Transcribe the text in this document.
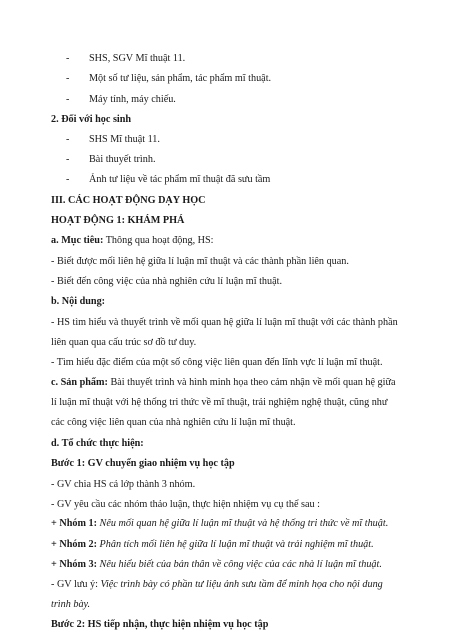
- SHS, SGV Mĩ thuật 11.
- Một số tư liệu, sản phẩm, tác phẩm mĩ thuật.
- Máy tính, máy chiếu.
2. Đối với học sinh
- SHS Mĩ thuật 11.
- Bài thuyết trình.
- Ảnh tư liệu về tác phẩm mĩ thuật đã sưu tầm
III. CÁC HOẠT ĐỘNG DẠY HỌC
HOẠT ĐỘNG 1: KHÁM PHÁ
a. Mục tiêu: Thông qua hoạt động, HS:
- Biết được mối liên hệ giữa lí luận mĩ thuật và các thành phần liên quan.
- Biết đến công việc của nhà nghiên cứu lí luận mĩ thuật.
b. Nội dung:
- HS tìm hiểu và thuyết trình về mối quan hệ giữa lí luận mĩ thuật với các thành phần
liên quan qua cấu trúc sơ đồ tư duy.
- Tìm hiểu đặc điểm của một số công việc liên quan đến lĩnh vực lí luận mĩ thuật.
c. Sản phẩm: Bài thuyết trình và hình minh họa theo cảm nhận về mối quan hệ giữa
lí luận mĩ thuật với hệ thống tri thức về mĩ thuật, trải nghiệm nghệ thuật, cũng như
các công việc liên quan của nhà nghiên cứu lí luận mĩ thuật.
d. Tổ chức thực hiện:
Bước 1: GV chuyển giao nhiệm vụ học tập
- GV chia HS cả lớp thành 3 nhóm.
- GV yêu cầu các nhóm thảo luận, thực hiện nhiệm vụ cụ thể sau :
+ Nhóm 1: Nêu mối quan hệ giữa lí luận mĩ thuật và hệ thống tri thức về mĩ thuật.
+ Nhóm 2: Phân tích mối liên hệ giữa lí luận mĩ thuật và trải nghiệm mĩ thuật.
+ Nhóm 3: Nêu hiểu biết của bản thân về công việc của các nhà lí luận mĩ thuật.
- GV lưu ý: Việc trình bày có phần tư liệu ảnh sưu tầm để minh họa cho nội dung
trình bày.
Bước 2: HS tiếp nhận, thực hiện nhiệm vụ học tập
